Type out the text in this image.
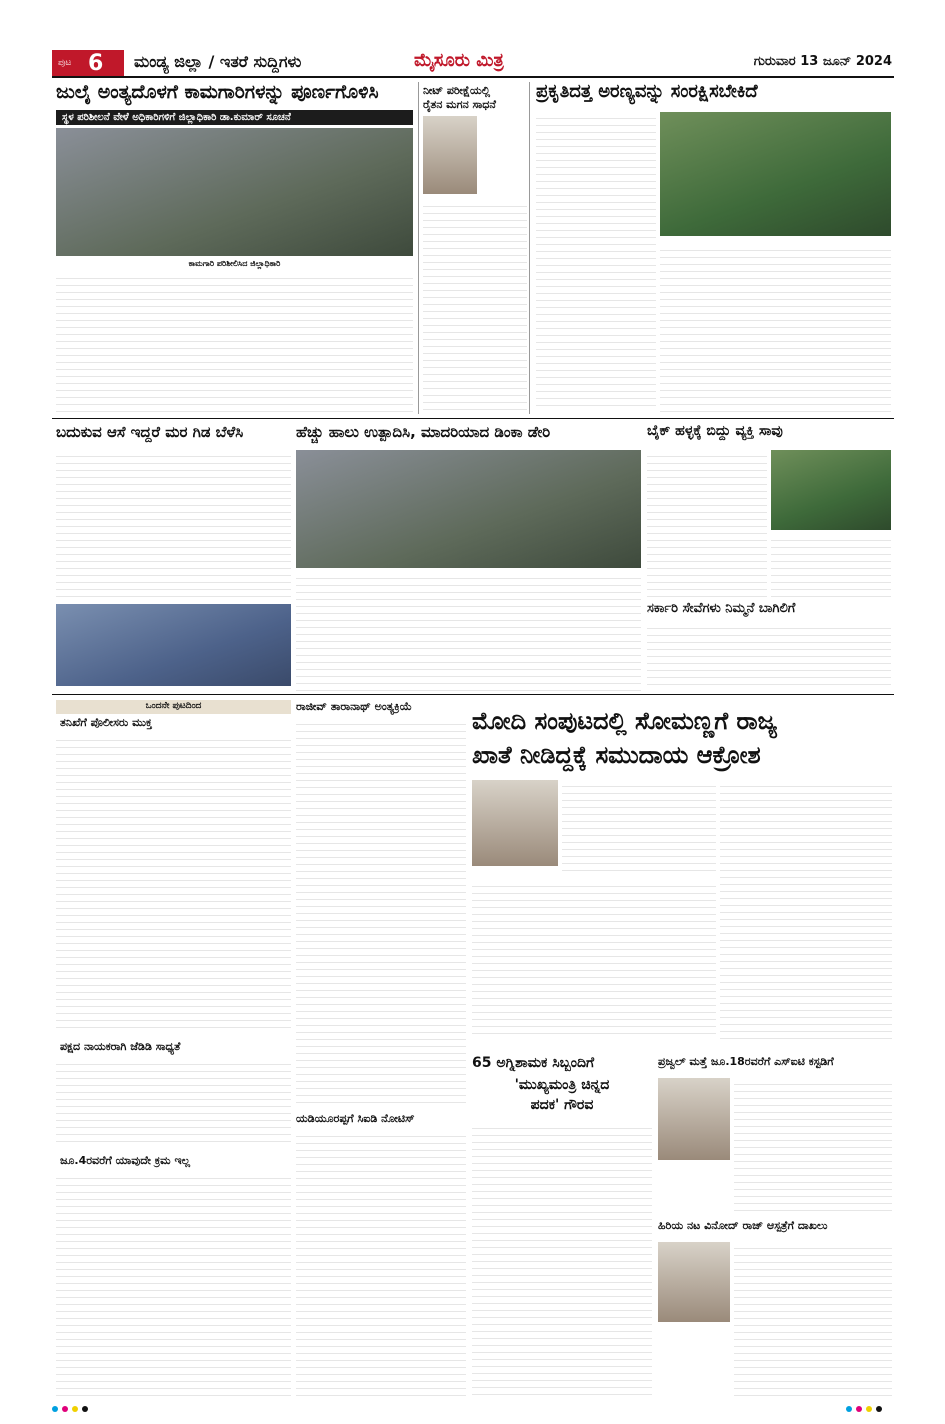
ಪುಟ 6 ಮಂಡ್ಯ ಜಿಲ್ಲಾ / ಇತರೆ ಸುದ್ದಿಗಳು	ಮೈಸೂರು ಮಿತ್ರ	ಗುರುವಾರ 13 ಜೂನ್ 2024
ಜುಲೈ ಅಂತ್ಯದೊಳಗೆ ಕಾಮಗಾರಿಗಳನ್ನು ಪೂರ್ಣಗೊಳಿಸಿ
ಸ್ಥಳ ಪರಿಶೀಲನೆ ವೇಳೆ ಅಧಿಕಾರಿಗಳಿಗೆ ಜಿಲ್ಲಾಧಿಕಾರಿ ಡಾ.ಕುಮಾರ್ ಸೂಚನೆ
ಕಾಮಗಾರಿ ಪರಿಶೀಲಿಸಿದ ಜಿಲ್ಲಾಧಿಕಾರಿ
ನೀಟ್ ಪರೀಕ್ಷೆಯಲ್ಲಿ
ರೈತನ ಮಗನ ಸಾಧನೆ
ಪ್ರಕೃತಿದತ್ತ ಅರಣ್ಯವನ್ನು ಸಂರಕ್ಷಿಸಬೇಕಿದೆ
ಬದುಕುವ ಆಸೆ ಇದ್ದರೆ ಮರ ಗಿಡ ಬೆಳೆಸಿ	ಹೆಚ್ಚು ಹಾಲು ಉತ್ಪಾದಿಸಿ, ಮಾದರಿಯಾದ ಡಿಂಕಾ ಡೇರಿ	ಬೈಕ್ ಹಳ್ಳಕ್ಕೆ ಬಿದ್ದು ವ್ಯಕ್ತಿ ಸಾವು
ಸರ್ಕಾರಿ ಸೇವೆಗಳು ನಿಮ್ಮನೆ ಬಾಗಿಲಿಗೆ
ಒಂದನೇ ಪುಟದಿಂದ
ತನಿಖೆಗೆ ಪೊಲೀಸರು ಮುಕ್ತ
ಪಕ್ಷದ ನಾಯಕರಾಗಿ ಜೆಡಿಡಿ ಸಾಧ್ಯತೆ
ಜೂ.4ರವರೆಗೆ ಯಾವುದೇ ಕ್ರಮ ಇಲ್ಲ
ರಾಜೀವ್ ತಾರಾನಾಥ್ ಅಂತ್ಯಕ್ರಿಯೆ
ಯಡಿಯೂರಪ್ಪಗೆ ಸಿಐಡಿ ನೋಟಿಸ್
ಮೋದಿ ಸಂಪುಟದಲ್ಲಿ ಸೋಮಣ್ಣಗೆ ರಾಜ್ಯ
ಖಾತೆ ನೀಡಿದ್ದಕ್ಕೆ ಸಮುದಾಯ ಆಕ್ರೋಶ
65 ಅಗ್ನಿಶಾಮಕ ಸಿಬ್ಬಂದಿಗೆ
'ಮುಖ್ಯಮಂತ್ರಿ ಚಿನ್ನದ
ಪದಕ' ಗೌರವ
ಪ್ರಜ್ವಲ್ ಮತ್ತೆ ಜೂ.18ರವರೆಗೆ ಎಸ್ಐಟಿ ಕಸ್ಟಡಿಗೆ
ಹಿರಿಯ ನಟ ವಿನೋದ್ ರಾಜ್ ಆಸ್ಪತ್ರೆಗೆ ದಾಖಲು
